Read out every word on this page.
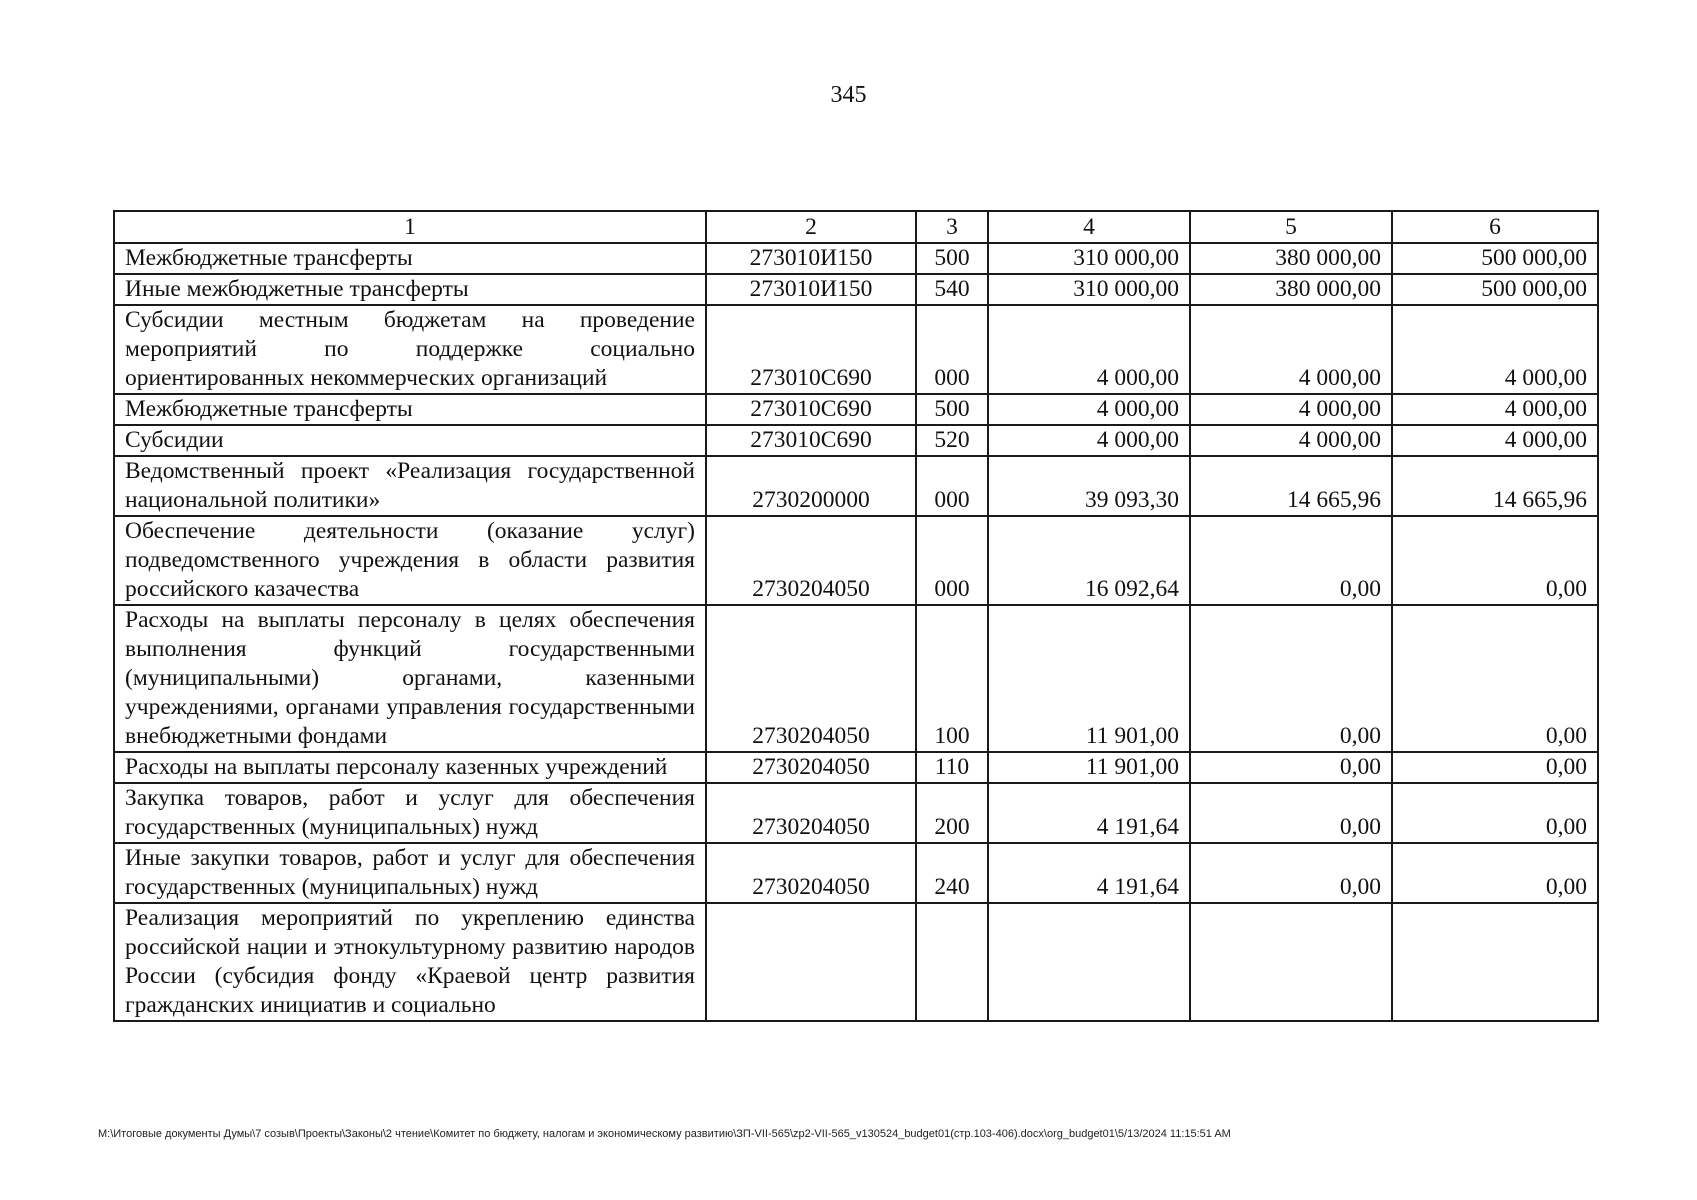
345
1	2	3	4	5	6
Межбюджетные трансферты	273010И150	500	310 000,00	380 000,00	500 000,00
Иные межбюджетные трансферты	273010И150	540	310 000,00	380 000,00	500 000,00
Субсидии местным бюджетам на проведение мероприятий по поддержке социально ориентированных некоммерческих организаций	273010С690	000	4 000,00	4 000,00	4 000,00
Межбюджетные трансферты	273010С690	500	4 000,00	4 000,00	4 000,00
Субсидии	273010С690	520	4 000,00	4 000,00	4 000,00
Ведомственный проект «Реализация государственной национальной политики»	2730200000	000	39 093,30	14 665,96	14 665,96
Обеспечение деятельности (оказание услуг) подведомственного учреждения в области развития российского казачества	2730204050	000	16 092,64	0,00	0,00
Расходы на выплаты персоналу в целях обеспечения выполнения функций государственными (муниципальными) органами, казенными учреждениями, органами управления государственными внебюджетными фондами	2730204050	100	11 901,00	0,00	0,00
Расходы на выплаты персоналу казенных учреждений	2730204050	110	11 901,00	0,00	0,00
Закупка товаров, работ и услуг для обеспечения государственных (муниципальных) нужд	2730204050	200	4 191,64	0,00	0,00
Иные закупки товаров, работ и услуг для обеспечения государственных (муниципальных) нужд	2730204050	240	4 191,64	0,00	0,00
Реализация мероприятий по укреплению единства российской нации и этнокультурному развитию народов России (субсидия фонду «Краевой центр развития гражданских инициатив и социально					
M:\Итоговые документы Думы\7 созыв\Проекты\Законы\2 чтение\Комитет по бюджету, налогам и экономическому развитию\ЗП-VII-565\zp2-VII-565_v130524_budget01(стр.103-406).docx\org_budget01\5/13/2024 11:15:51 AM
